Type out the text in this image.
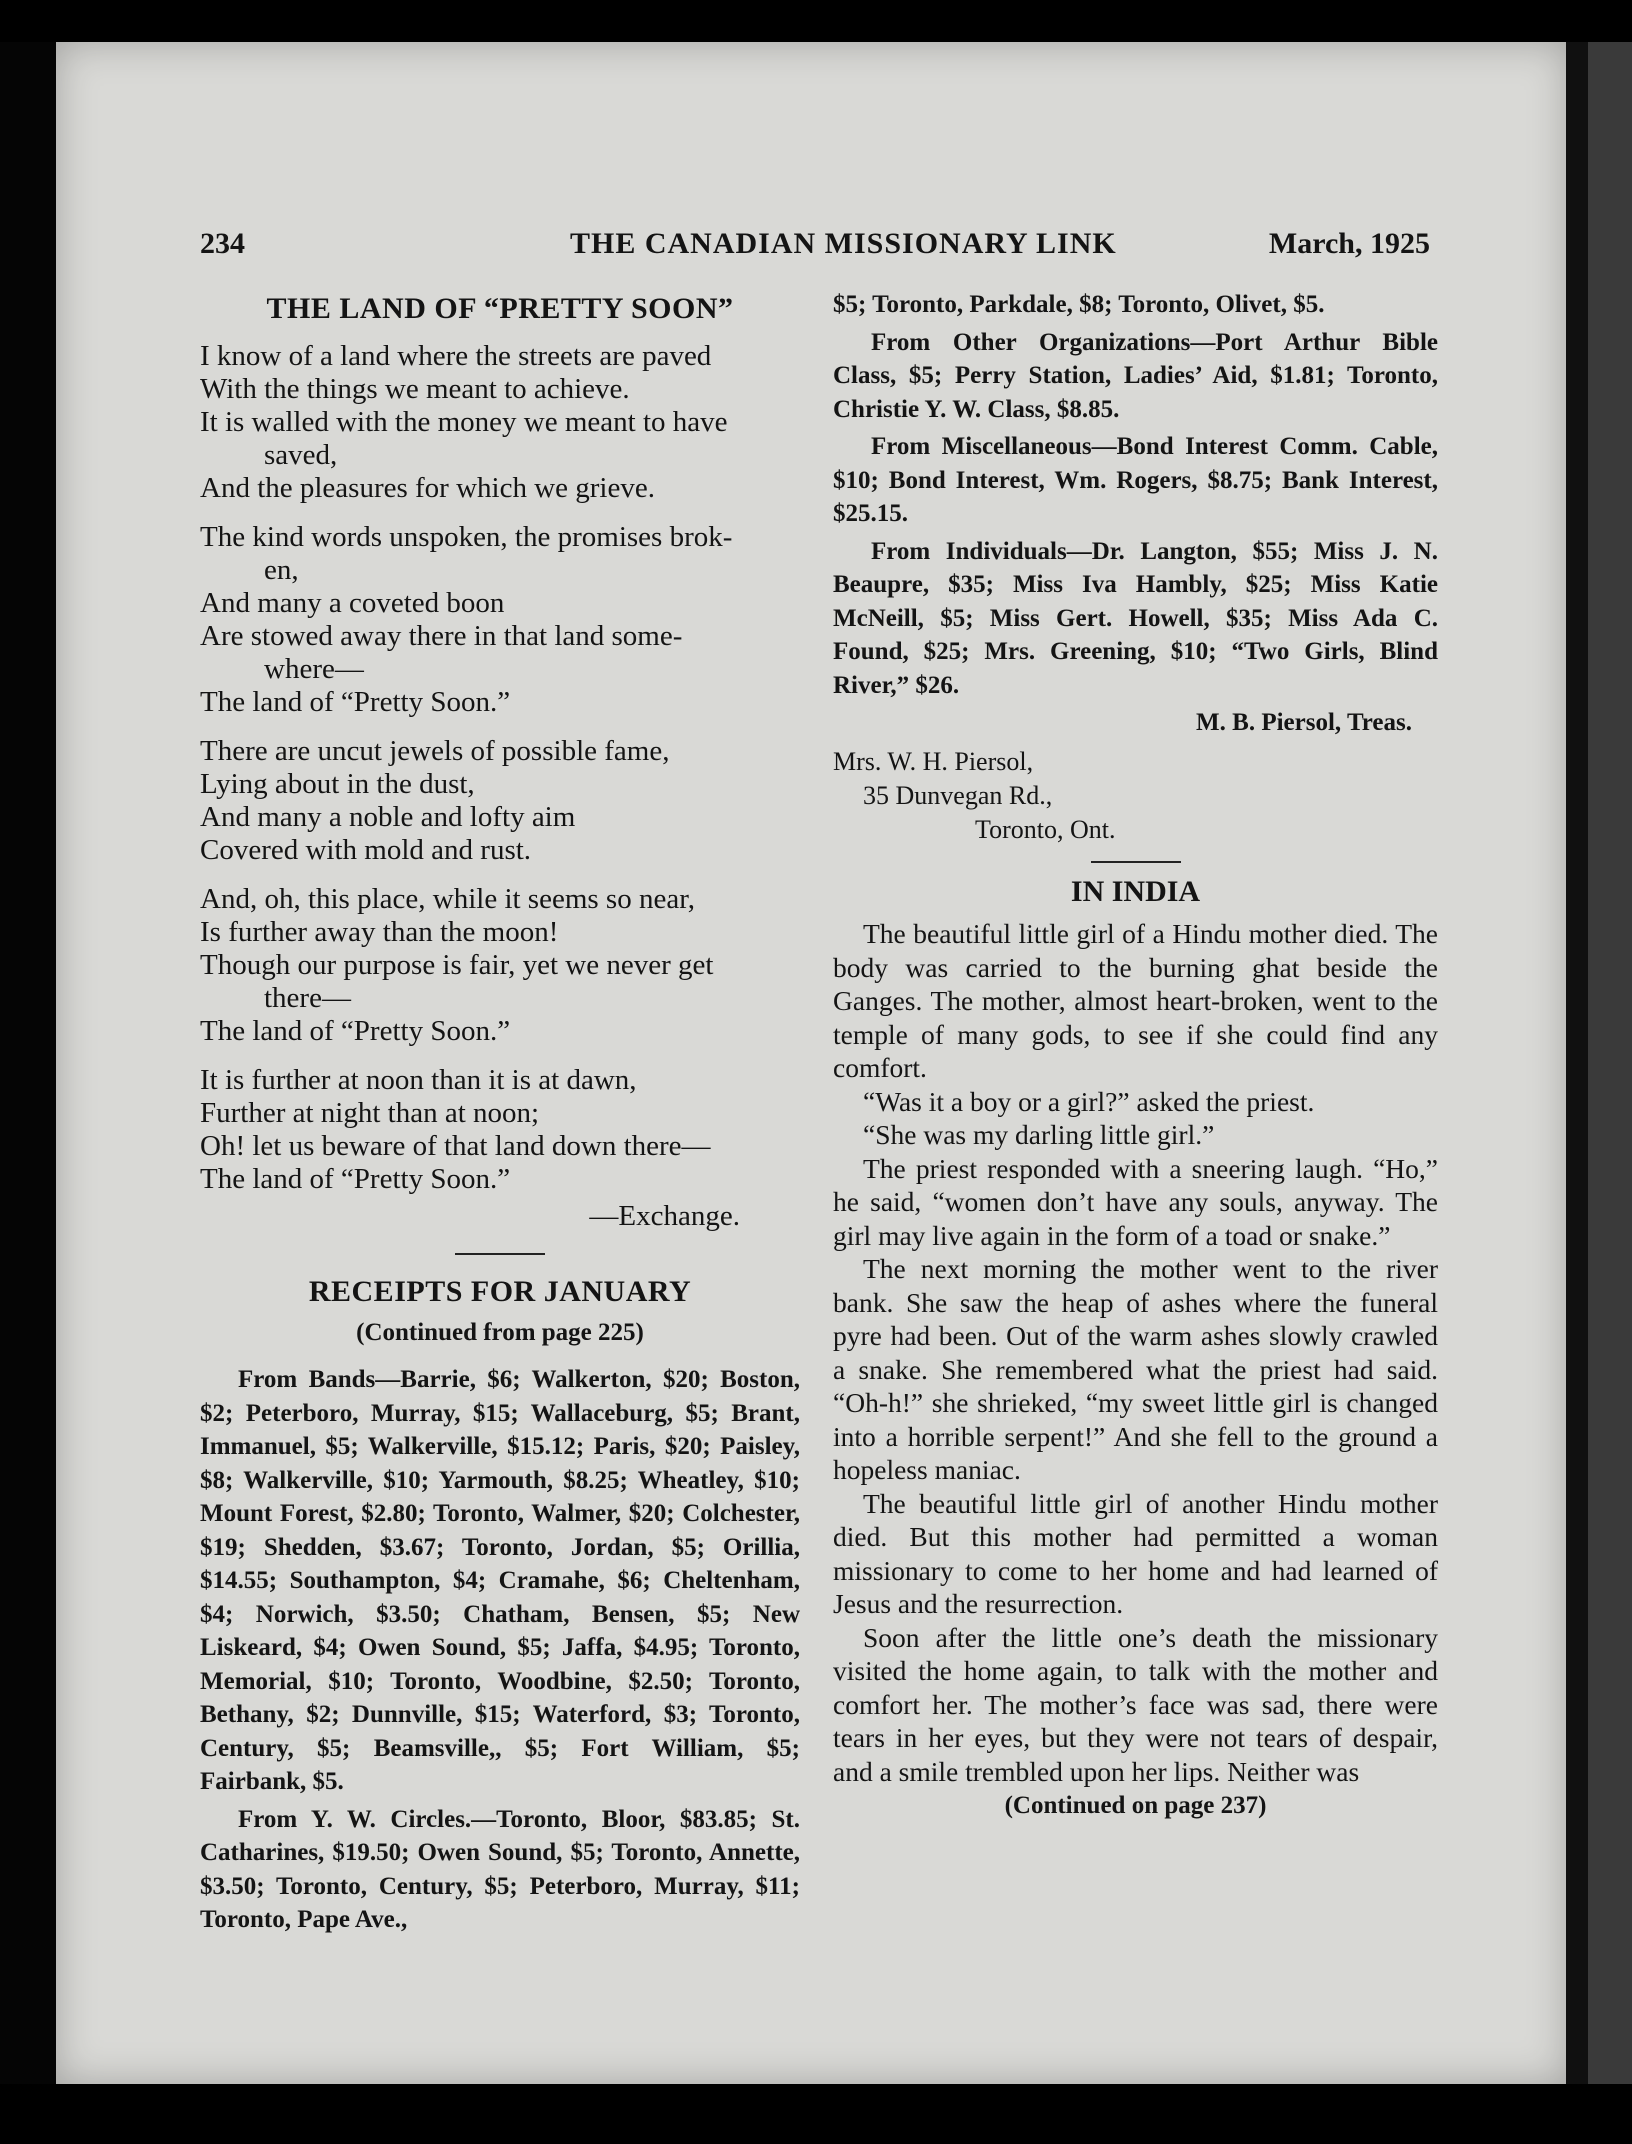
234	THE CANADIAN MISSIONARY LINK	March, 1925
THE LAND OF “PRETTY SOON”
I know of a land where the streets are paved
With the things we meant to achieve.
It is walled with the money we meant to have
saved,
And the pleasures for which we grieve.
The kind words unspoken, the promises brok-
en,
And many a coveted boon
Are stowed away there in that land some-
where—
The land of “Pretty Soon.”
There are uncut jewels of possible fame,
Lying about in the dust,
And many a noble and lofty aim
Covered with mold and rust.
And, oh, this place, while it seems so near,
Is further away than the moon!
Though our purpose is fair, yet we never get
there—
The land of “Pretty Soon.”
It is further at noon than it is at dawn,
Further at night than at noon;
Oh! let us beware of that land down there—
The land of “Pretty Soon.”
—Exchange.
RECEIPTS FOR JANUARY
(Continued from page 225)

From Bands—Barrie, $6; Walkerton, $20; Boston, $2; Peterboro, Murray, $15; Wallaceburg, $5; Brant, Immanuel, $5; Walkerville, $15.12; Paris, $20; Paisley, $8; Walkerville, $10; Yarmouth, $8.25; Wheatley, $10; Mount Forest, $2.80; Toronto, Walmer, $20; Colchester, $19; Shedden, $3.67; Toronto, Jordan, $5; Orillia, $14.55; Southampton, $4; Cramahe, $6; Cheltenham, $4; Norwich, $3.50; Chatham, Bensen, $5; New Liskeard, $4; Owen Sound, $5; Jaffa, $4.95; Toronto, Memorial, $10; Toronto, Woodbine, $2.50; Toronto, Bethany, $2; Dunnville, $15; Waterford, $3; Toronto, Century, $5; Beamsville,, $5; Fort William, $5; Fairbank, $5.

From Y. W. Circles.—Toronto, Bloor, $83.85; St. Catharines, $19.50; Owen Sound, $5; Toronto, Annette, $3.50; Toronto, Century, $5; Peterboro, Murray, $11; Toronto, Pape Ave.,

$5; Toronto, Parkdale, $8; Toronto, Olivet, $5.

From Other Organizations—Port Arthur Bible Class, $5; Perry Station, Ladies’ Aid, $1.81; Toronto, Christie Y. W. Class, $8.85.

From Miscellaneous—Bond Interest Comm. Cable, $10; Bond Interest, Wm. Rogers, $8.75; Bank Interest, $25.15.

From Individuals—Dr. Langton, $55; Miss J. N. Beaupre, $35; Miss Iva Hambly, $25; Miss Katie McNeill, $5; Miss Gert. Howell, $35; Miss Ada C. Found, $25; Mrs. Greening, $10; “Two Girls, Blind River,” $26.

M. B. Piersol, Treas.
Mrs. W. H. Piersol,
35 Dunvegan Rd.,
Toronto, Ont.
IN INDIA

The beautiful little girl of a Hindu mother died. The body was carried to the burning ghat beside the Ganges. The mother, almost heart-broken, went to the temple of many gods, to see if she could find any comfort.

“Was it a boy or a girl?” asked the priest.

“She was my darling little girl.”

The priest responded with a sneering laugh. “Ho,” he said, “women don’t have any souls, anyway. The girl may live again in the form of a toad or snake.”

The next morning the mother went to the river bank. She saw the heap of ashes where the funeral pyre had been. Out of the warm ashes slowly crawled a snake. She remembered what the priest had said. “Oh-h!” she shrieked, “my sweet little girl is changed into a horrible serpent!” And she fell to the ground a hopeless maniac.

The beautiful little girl of another Hindu mother died. But this mother had permitted a woman missionary to come to her home and had learned of Jesus and the resurrection.

Soon after the little one’s death the missionary visited the home again, to talk with the mother and comfort her. The mother’s face was sad, there were tears in her eyes, but they were not tears of despair, and a smile trembled upon her lips. Neither was

(Continued on page 237)
